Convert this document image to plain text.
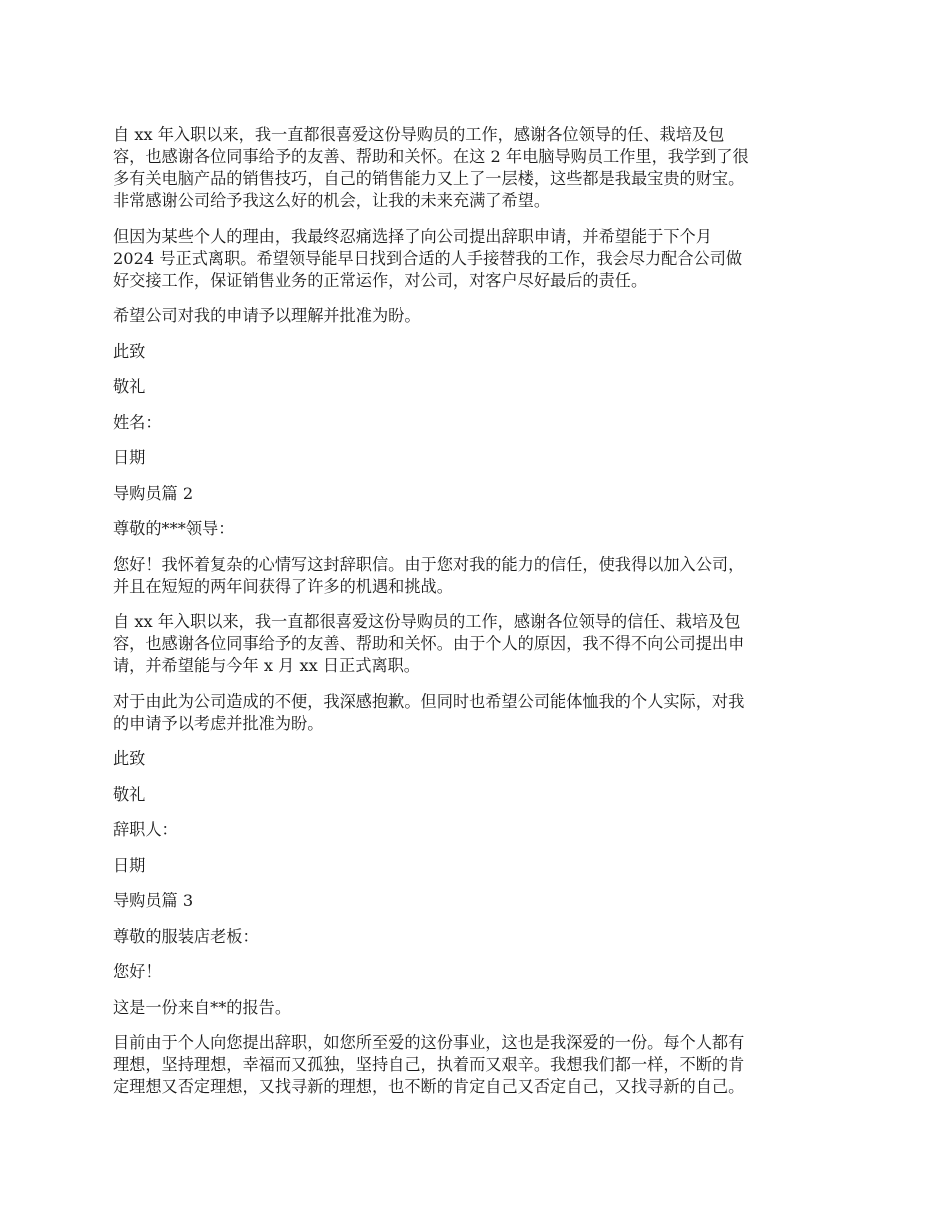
自 xx 年入职以来，我一直都很喜爱这份导购员的工作，感谢各位领导的任、栽培及包
容，也感谢各位同事给予的友善、帮助和关怀。在这 2 年电脑导购员工作里，我学到了很
多有关电脑产品的销售技巧，自己的销售能力又上了一层楼，这些都是我最宝贵的财宝。
非常感谢公司给予我这么好的机会，让我的未来充满了希望。

但因为某些个人的理由，我最终忍痛选择了向公司提出辞职申请，并希望能于下个月
2024 号正式离职。希望领导能早日找到合适的人手接替我的工作，我会尽力配合公司做
好交接工作，保证销售业务的正常运作，对公司，对客户尽好最后的责任。

希望公司对我的申请予以理解并批准为盼。

此致

敬礼

姓名：

日期

导购员篇 2

尊敬的***领导：

您好！我怀着复杂的心情写这封辞职信。由于您对我的能力的信任，使我得以加入公司，
并且在短短的两年间获得了许多的机遇和挑战。

自 xx 年入职以来，我一直都很喜爱这份导购员的工作，感谢各位领导的信任、栽培及包
容，也感谢各位同事给予的友善、帮助和关怀。由于个人的原因，我不得不向公司提出申
请，并希望能与今年 x 月 xx 日正式离职。

对于由此为公司造成的不便，我深感抱歉。但同时也希望公司能体恤我的个人实际，对我
的申请予以考虑并批准为盼。

此致

敬礼

辞职人：

日期

导购员篇 3

尊敬的服装店老板：

您好！

这是一份来自**的报告。

目前由于个人向您提出辞职，如您所至爱的这份事业，这也是我深爱的一份。每个人都有
理想，坚持理想，幸福而又孤独，坚持自己，执着而又艰辛。我想我们都一样，不断的肯
定理想又否定理想，又找寻新的理想，也不断的肯定自己又否定自己，又找寻新的自己。
